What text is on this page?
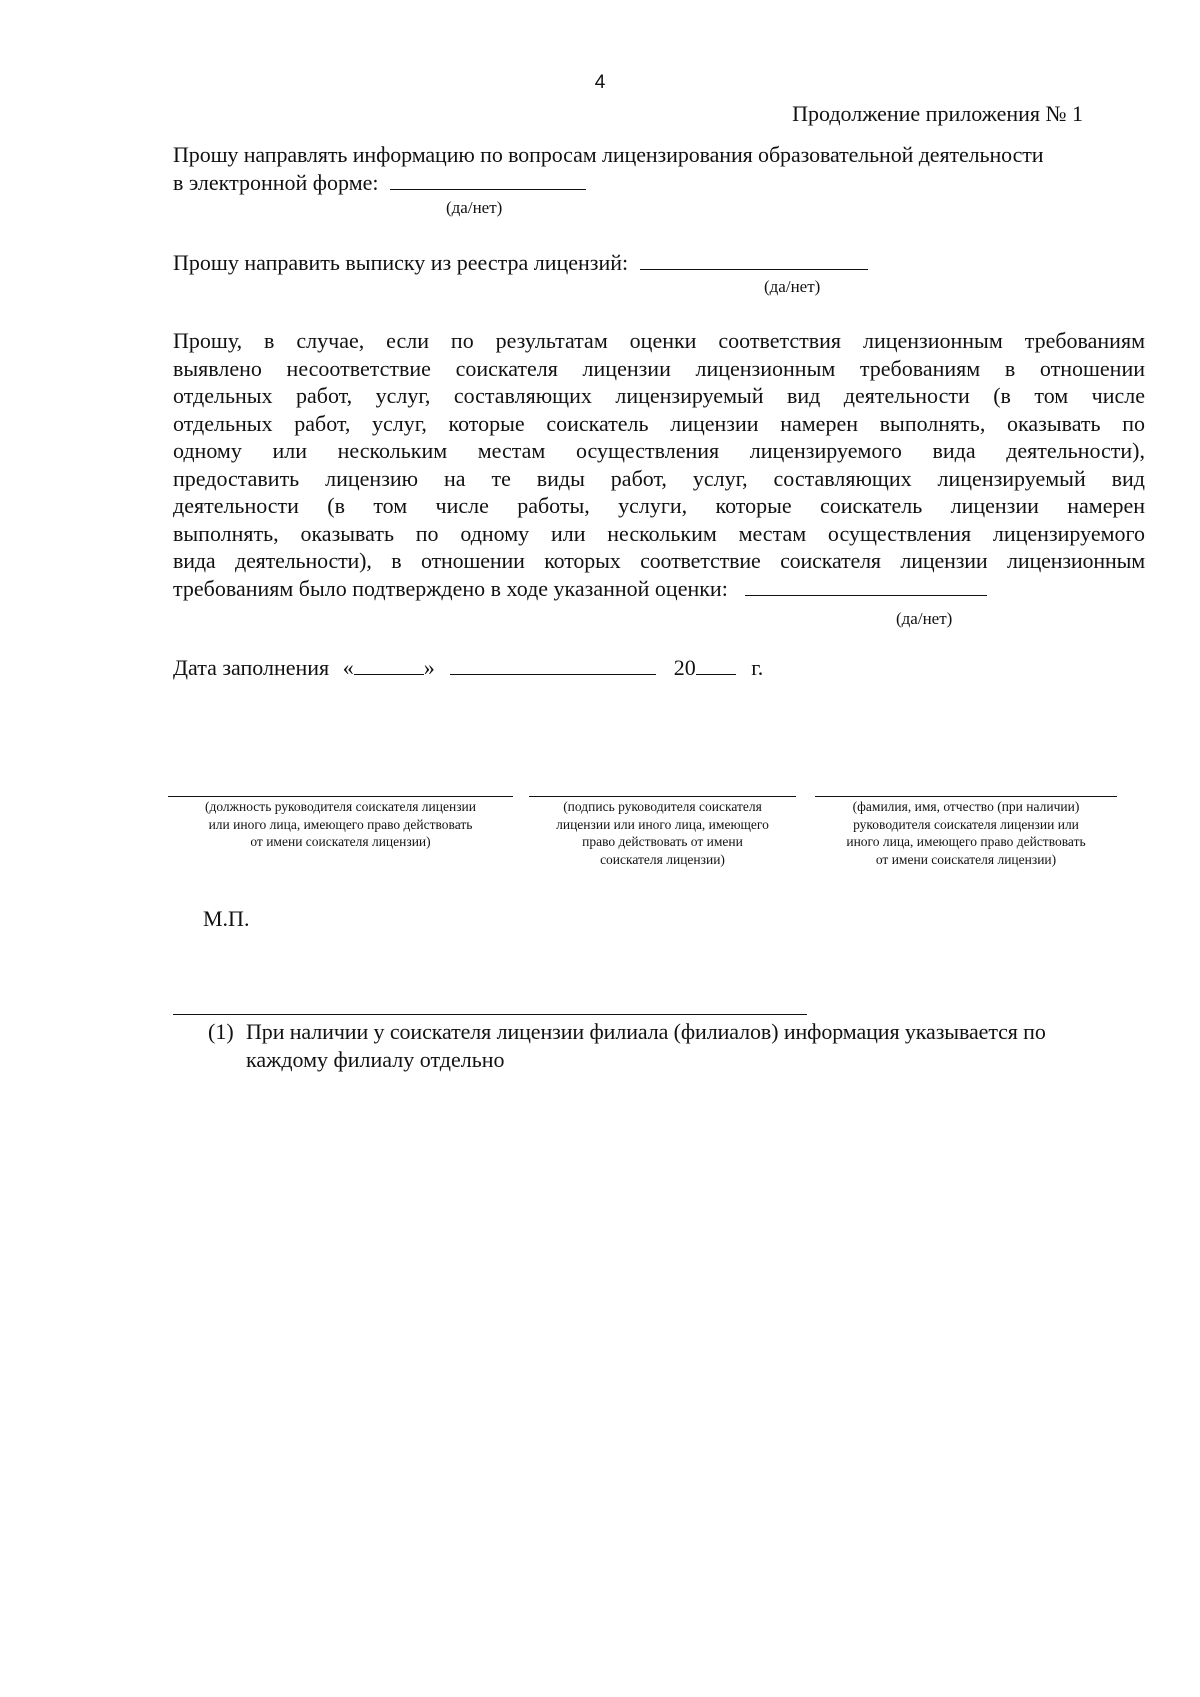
4
Продолжение приложения № 1
Прошу направлять информацию по вопросам лицензирования образовательной деятельности
в электронной форме:
(да/нет)
Прошу направить выписку из реестра лицензий:
(да/нет)
Прошу, в случае, если по результатам оценки соответствия лицензионным требованиям
выявлено несоответствие соискателя лицензии лицензионным требованиям в отношении
отдельных работ, услуг, составляющих лицензируемый вид деятельности (в том числе
отдельных работ, услуг, которые соискатель лицензии намерен выполнять, оказывать по
одному или нескольким местам осуществления лицензируемого вида деятельности),
предоставить лицензию на те виды работ, услуг, составляющих лицензируемый вид
деятельности (в том числе работы, услуги, которые соискатель лицензии намерен
выполнять, оказывать по одному или нескольким местам осуществления лицензируемого
вида деятельности), в отношении которых соответствие соискателя лицензии лицензионным
требованиям было подтверждено в ходе указанной оценки:
(да/нет)
Дата заполнения «	»	20	г.
(должность руководителя соискателя лицензии
или иного лица, имеющего право действовать
от имени соискателя лицензии)
(подпись руководителя соискателя
лицензии или иного лица, имеющего
право действовать от имени
соискателя лицензии)
(фамилия, имя, отчество (при наличии)
руководителя соискателя лицензии или
иного лица, имеющего право действовать
от имени соискателя лицензии)
М.П.
(1) При наличии у соискателя лицензии филиала (филиалов) информация указывается по
каждому филиалу отдельно
